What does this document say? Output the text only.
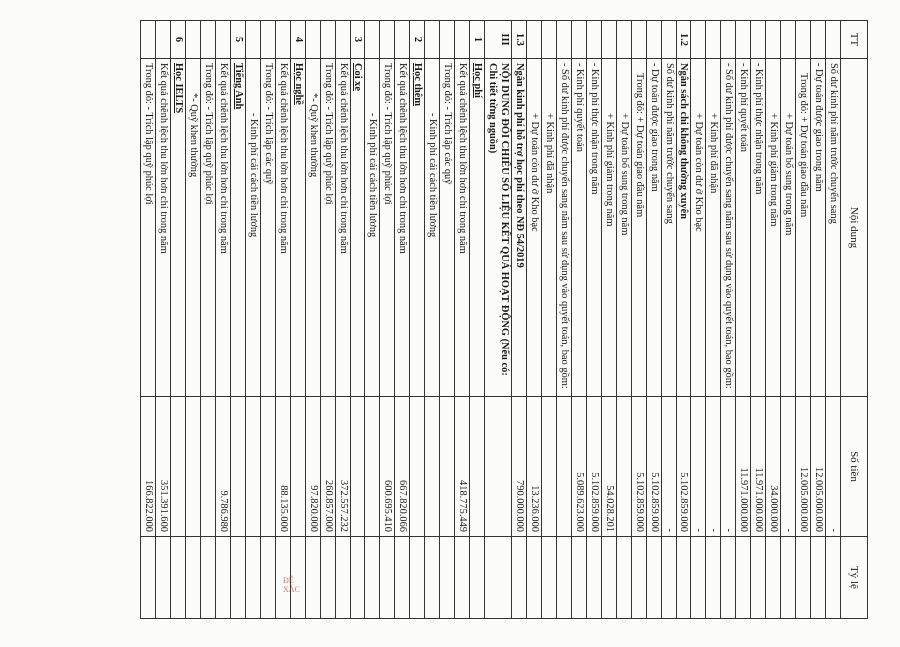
TT	Nội dung	Số tiền	Tỷ lệ
	Số dư kinh phí năm trước chuyển sang	-	
	- Dự toán được giao trong năm	12.005.000.000	
	Trong đó: + Dự toán giao đầu năm	12.005.000.000	
	+ Dự toán bổ sung trong năm	-	
	+ Kinh phí giảm trong năm	34.000.000	
	- Kinh phí thực nhận trong năm	11.971.000.000	
	- Kinh phí quyết toán	11.971.000.000	
	- Số dư kinh phí được chuyển sang năm sau sử dụng vào quyết toán, bao gồm:	-	
	+ Kinh phí đã nhận	-	
	+ Dự toán còn dư ở Kho bạc	-	
1.2	Ngân sách chi không thường xuyên	5.102.859.000	
	Số dư kinh phí năm trước chuyển sang	-	
	- Dự toán được giao trong năm	5.102.859.000	
	Trong đó: + Dự toán giao đầu năm	5.102.859.000	
	+ Dự toán bổ sung trong năm		
	+ Kinh phí giảm trong năm	54.028.201	
	- Kinh phí thực nhận trong năm	5.102.859.000	
	- Kinh phí quyết toán	5.089.623.000	
	- Số dư kinh phí được chuyển sang năm sau sử dụng vào quyết toán, bao gồm:		
	+ Kinh phí đã nhận		
	+ Dự toán còn dư ở Kho bạc	13.236.000	
1.3	Ngân kinh phí hỗ trợ học phí theo NĐ 54/2019	790.000.000	
III	NỘI DUNG ĐỐI CHIẾU SỐ LIỆU KẾT QUẢ HOẠT ĐỘNG (Nếu có: Chi tiết từng nguồn)		
1	Học phí		
	Kết quả chênh lệch thu lớn hơn chi trong năm	418.775.449	
	Trong đó: - Trích lập các quỹ		
	- Kinh phí cải cách tiền lương		
2	Học thêm		
	Kết quả chênh lệch thu lớn hơn chi trong năm	667.820.066	
	Trong đó: - Trích lập quỹ phúc lợi	600.695.410	
	- Kinh phí cải cách tiền lương		
3	Coi xe		
	Kết quả chênh lệch thu lớn hơn chi trong năm	372.557.232	
	Trong đó: - Trích lập quỹ phúc lợi	260.857.000	
	*- Quỹ khen thưởng	97.820.000	
4	Học nghề		
	Kết quả chênh lệch thu lớn hơn chi trong năm	88.135.000	
	Trong đó: - Trích lập các quỹ		
	- Kinh phí cải cách tiền lương		
5	Tiếng Anh		
	Kết quả chênh lệch thu lớn hơn chi trong năm	9.786.980	
	Trong đó: - Trích lập quỹ phúc lợi		
	*- Quỹ khen thưởng		
6	Học IELTS		
	Kết quả chênh lệch thu lớn hơn chi trong năm	351.391.600	
	Trong đó: - Trích lập quỹ phúc lợi	166.822.000	
ĐỂ
XÁC
